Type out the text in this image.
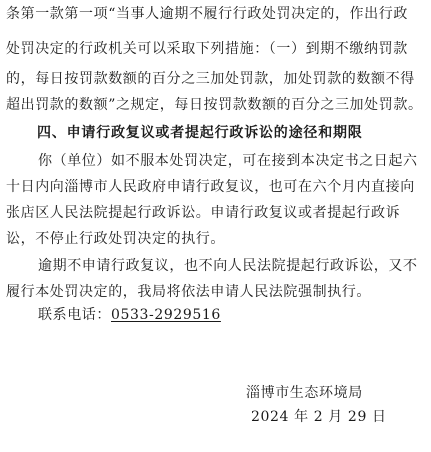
条第一款第一项“当事人逾期不履行行政处罚决定的，作出行政
处罚决定的行政机关可以采取下列措施：（一）到期不缴纳罚款
的，每日按罚款数额的百分之三加处罚款，加处罚款的数额不得
超出罚款的数额”之规定，每日按罚款数额的百分之三加处罚款。
四、申请行政复议或者提起行政诉讼的途径和期限
你（单位）如不服本处罚决定，可在接到本决定书之日起六
十日内向淄博市人民政府申请行政复议，也可在六个月内直接向
张店区人民法院提起行政诉讼。申请行政复议或者提起行政诉
讼，不停止行政处罚决定的执行。
逾期不申请行政复议，也不向人民法院提起行政诉讼，又不
履行本处罚决定的，我局将依法申请人民法院强制执行。
联系电话：0533-2929516
淄博市生态环境局
2024 年 2 月 29 日
